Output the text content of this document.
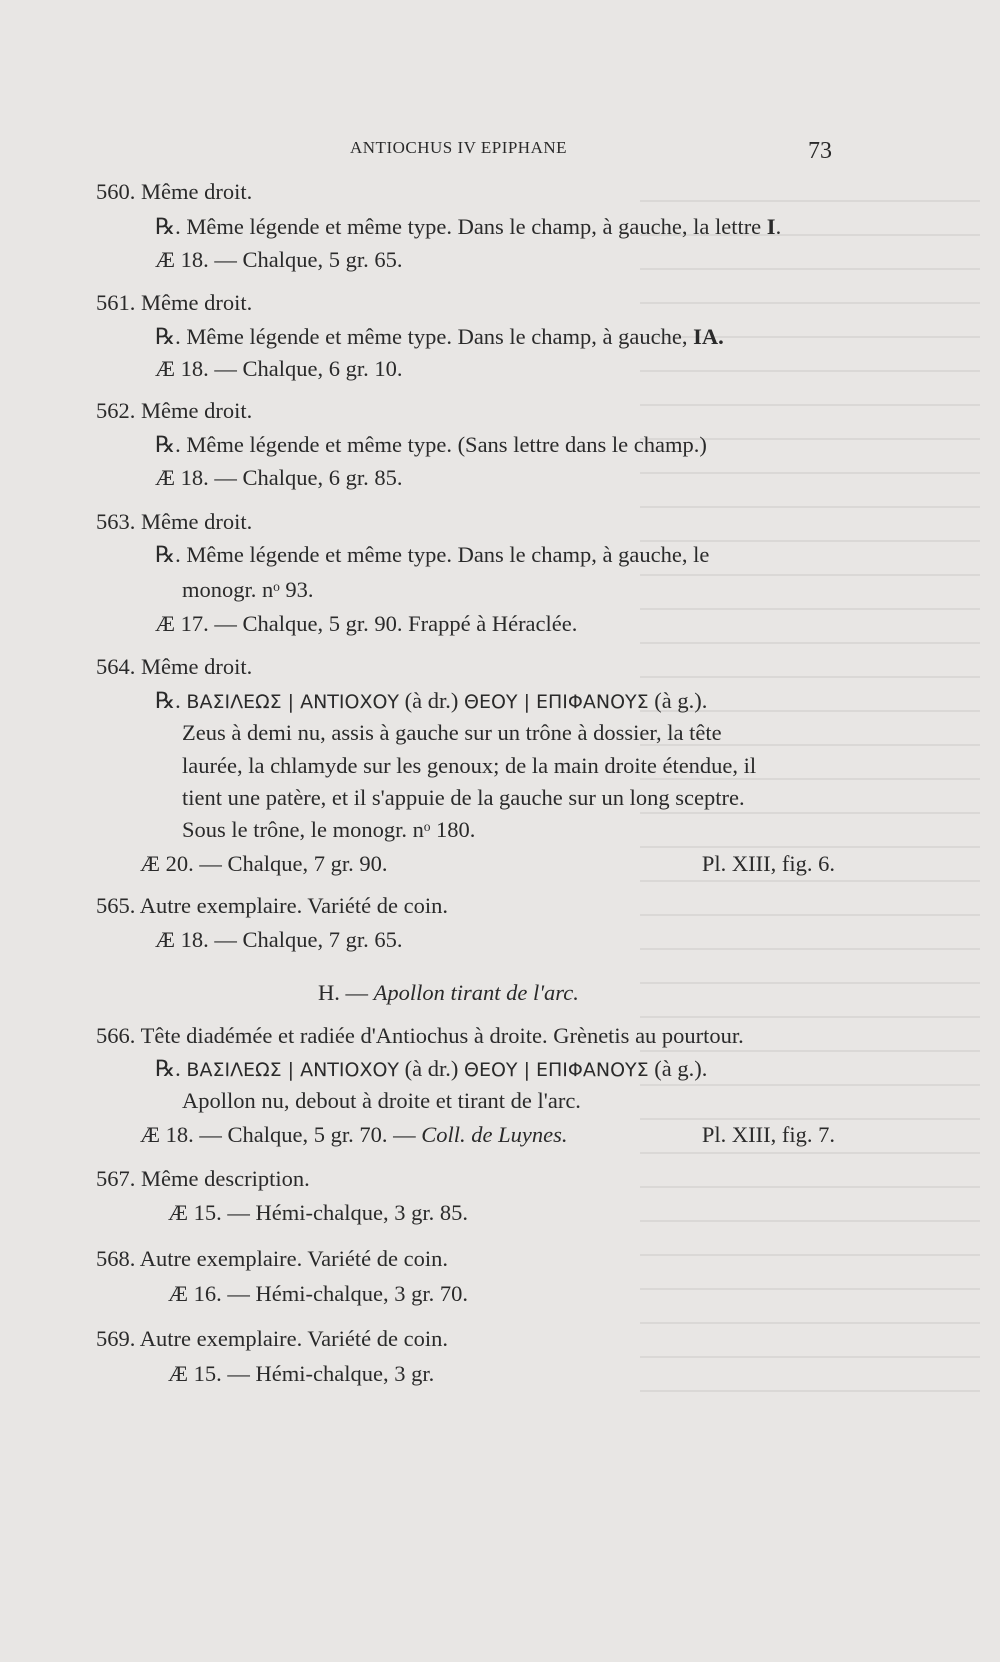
ANTIOCHUS IV EPIPHANE	73
560. Même droit.
℞. Même légende et même type. Dans le champ, à gauche, la lettre I.
Æ 18. — Chalque, 5 gr. 65.
561. Même droit.
℞. Même légende et même type. Dans le champ, à gauche, IA.
Æ 18. — Chalque, 6 gr. 10.
562. Même droit.
℞. Même légende et même type. (Sans lettre dans le champ.)
Æ 18. — Chalque, 6 gr. 85.
563. Même droit.
℞. Même légende et même type. Dans le champ, à gauche, le
monogr. nᵒ 93.
Æ 17. — Chalque, 5 gr. 90. Frappé à Héraclée.
564. Même droit.
℞. ΒΑΣΙΛΕΩΣ | ΑΝΤΙΟΧΟΥ (à dr.) ΘΕΟΥ | ΕΠΙΦΑΝΟΥΣ (à g.).
Zeus à demi nu, assis à gauche sur un trône à dossier, la tête
laurée, la chlamyde sur les genoux; de la main droite étendue, il
tient une patère, et il s'appuie de la gauche sur un long sceptre.
Sous le trône, le monogr. nᵒ 180.
Æ 20. — Chalque, 7 gr. 90.	Pl. XIII, fig. 6.
565. Autre exemplaire. Variété de coin.
Æ 18. — Chalque, 7 gr. 65.
H. — Apollon tirant de l'arc.
566. Tête diadémée et radiée d'Antiochus à droite. Grènetis au pourtour.
℞. ΒΑΣΙΛΕΩΣ | ΑΝΤΙΟΧΟΥ (à dr.) ΘΕΟΥ | ΕΠΙΦΑΝΟΥΣ (à g.).
Apollon nu, debout à droite et tirant de l'arc.
Æ 18. — Chalque, 5 gr. 70. — Coll. de Luynes.	Pl. XIII, fig. 7.
567. Même description.
Æ 15. — Hémi-chalque, 3 gr. 85.
568. Autre exemplaire. Variété de coin.
Æ 16. — Hémi-chalque, 3 gr. 70.
569. Autre exemplaire. Variété de coin.
Æ 15. — Hémi-chalque, 3 gr.
